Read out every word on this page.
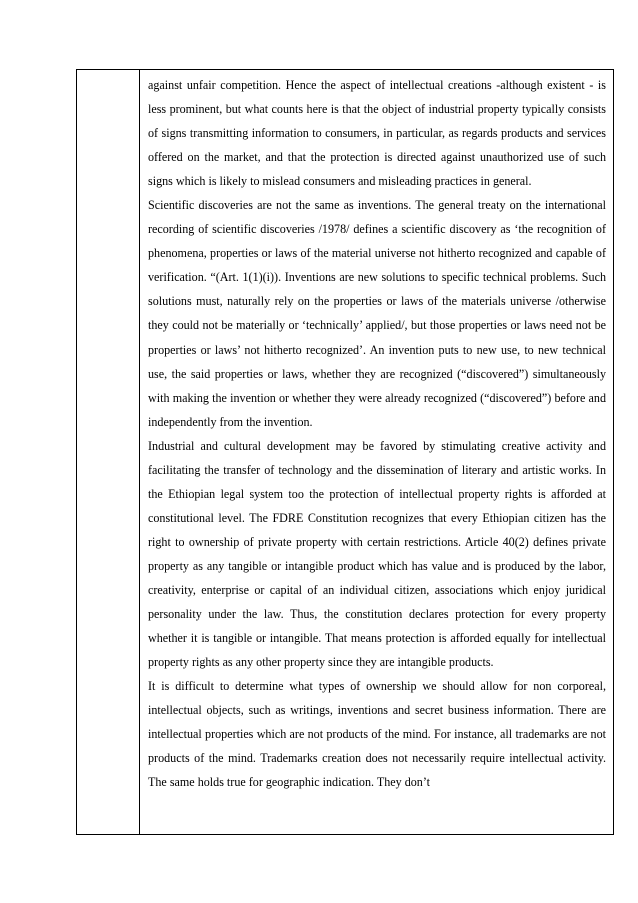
against unfair competition. Hence the aspect of intellectual creations -although existent - is less prominent, but what counts here is that the object of industrial property typically consists of signs transmitting information to consumers, in particular, as regards products and services offered on the market, and that the protection is directed against unauthorized use of such signs which is likely to mislead consumers and misleading practices in general.

Scientific discoveries are not the same as inventions. The general treaty on the international recording of scientific discoveries /1978/ defines a scientific discovery as ‘the recognition of phenomena, properties or laws of the material universe not hitherto recognized and capable of verification. “(Art. 1(1)(i)). Inventions are new solutions to specific technical problems. Such solutions must, naturally rely on the properties or laws of the materials universe /otherwise they could not be materially or ‘technically’ applied/, but those properties or laws need not be properties or laws’ not hitherto recognized’. An invention puts to new use, to new technical use, the said properties or laws, whether they are recognized (“discovered”) simultaneously with making the invention or whether they were already recognized (“discovered”) before and independently from the invention.

Industrial and cultural development may be favored by stimulating creative activity and facilitating the transfer of technology and the dissemination of literary and artistic works. In the Ethiopian legal system too the protection of intellectual property rights is afforded at constitutional level. The FDRE Constitution recognizes that every Ethiopian citizen has the right to ownership of private property with certain restrictions. Article 40(2) defines private property as any tangible or intangible product which has value and is produced by the labor, creativity, enterprise or capital of an individual citizen, associations which enjoy juridical personality under the law. Thus, the constitution declares protection for every property whether it is tangible or intangible. That means protection is afforded equally for intellectual property rights as any other property since they are intangible products.

It is difficult to determine what types of ownership we should allow for non corporeal, intellectual objects, such as writings, inventions and secret business information. There are intellectual properties which are not products of the mind. For instance, all trademarks are not products of the mind. Trademarks creation does not necessarily require intellectual activity. The same holds true for geographic indication. They don’t
